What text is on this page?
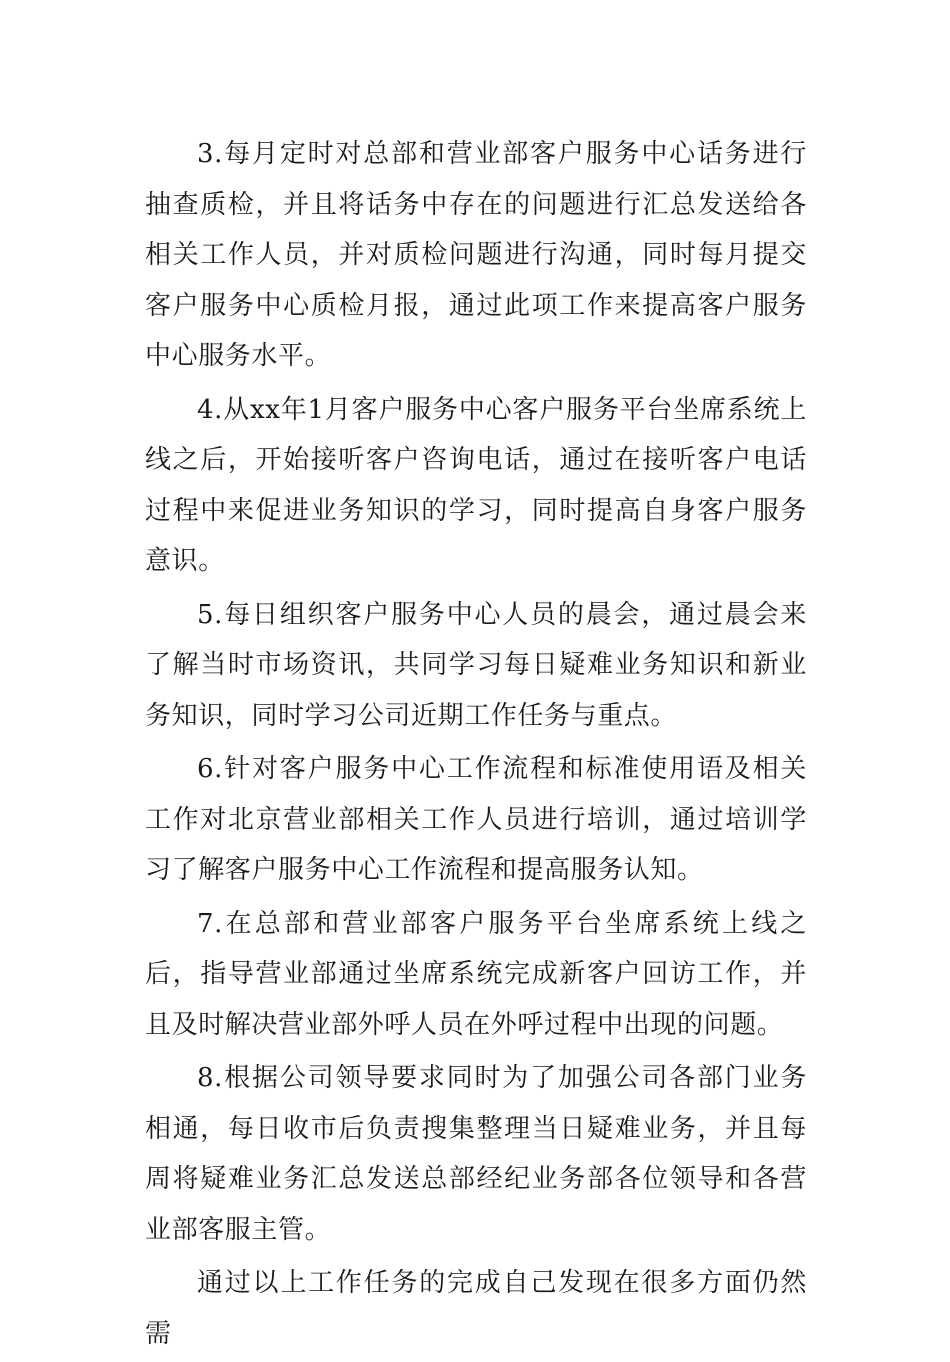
3.每月定时对总部和营业部客户服务中心话务进行抽查质检，并且将话务中存在的问题进行汇总发送给各相关工作人员，并对质检问题进行沟通，同时每月提交客户服务中心质检月报，通过此项工作来提高客户服务中心服务水平。

4.从xx年1月客户服务中心客户服务平台坐席系统上线之后，开始接听客户咨询电话，通过在接听客户电话过程中来促进业务知识的学习，同时提高自身客户服务意识。

5.每日组织客户服务中心人员的晨会，通过晨会来了解当时市场资讯，共同学习每日疑难业务知识和新业务知识，同时学习公司近期工作任务与重点。

6.针对客户服务中心工作流程和标准使用语及相关工作对北京营业部相关工作人员进行培训，通过培训学习了解客户服务中心工作流程和提高服务认知。

7.在总部和营业部客户服务平台坐席系统上线之后，指导营业部通过坐席系统完成新客户回访工作，并且及时解决营业部外呼人员在外呼过程中出现的问题。

8.根据公司领导要求同时为了加强公司各部门业务相通，每日收市后负责搜集整理当日疑难业务，并且每周将疑难业务汇总发送总部经纪业务部各位领导和各营业部客服主管。

通过以上工作任务的完成自己发现在很多方面仍然需
